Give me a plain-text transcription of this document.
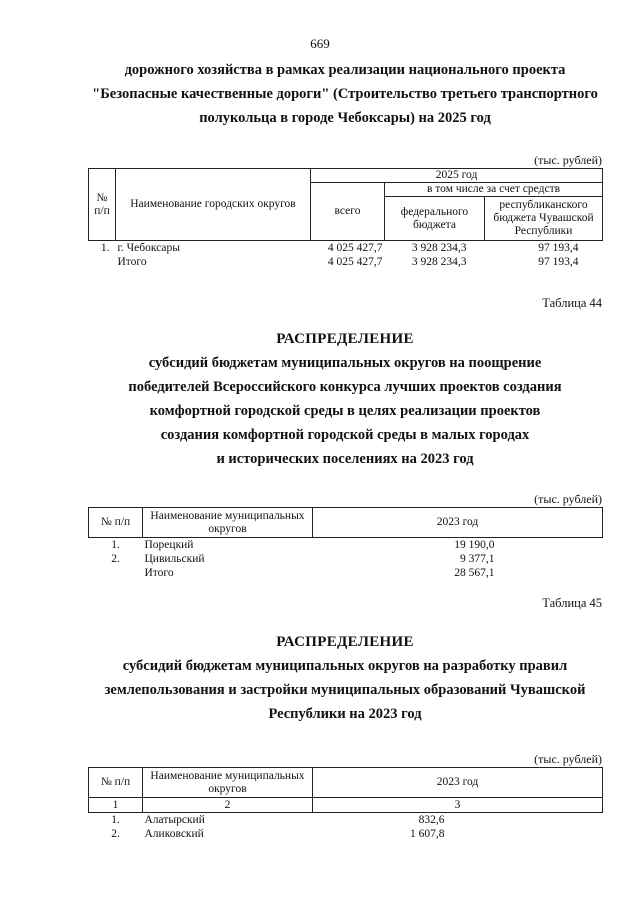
669
дорожного хозяйства в рамках реализации национального проекта
"Безопасные качественные дороги" (Строительство третьего транспортного
полукольца в городе Чебоксары) на 2025 год
(тыс. рублей)
№ п/п	Наименование городских округов	2025 год		
		всего	в том числе за счет средств	
			федерального бюджета	республиканского бюджета Чувашской Республики
1.	г. Чебоксары	4 025 427,7	3 928 234,3	97 193,4
	Итого	4 025 427,7	3 928 234,3	97 193,4
Таблица 44
РАСПРЕДЕЛЕНИЕ
субсидий бюджетам муниципальных округов на поощрение
победителей Всероссийского конкурса лучших проектов создания
комфортной городской среды в целях реализации проектов
создания комфортной городской среды в малых городах
и исторических поселениях на 2023 год
(тыс. рублей)
№ п/п	Наименование муниципальных округов	2023 год
1.	Порецкий	19 190,0
2.	Цивильский	9 377,1
	Итого	28 567,1
Таблица 45
РАСПРЕДЕЛЕНИЕ
субсидий бюджетам муниципальных округов на разработку правил
землепользования и застройки муниципальных образований Чувашской
Республики на 2023 год
(тыс. рублей)
№ п/п	Наименование муниципальных округов	2023 год
1	2	3
1.	Алатырский	832,6
2.	Аликовский	1 607,8
